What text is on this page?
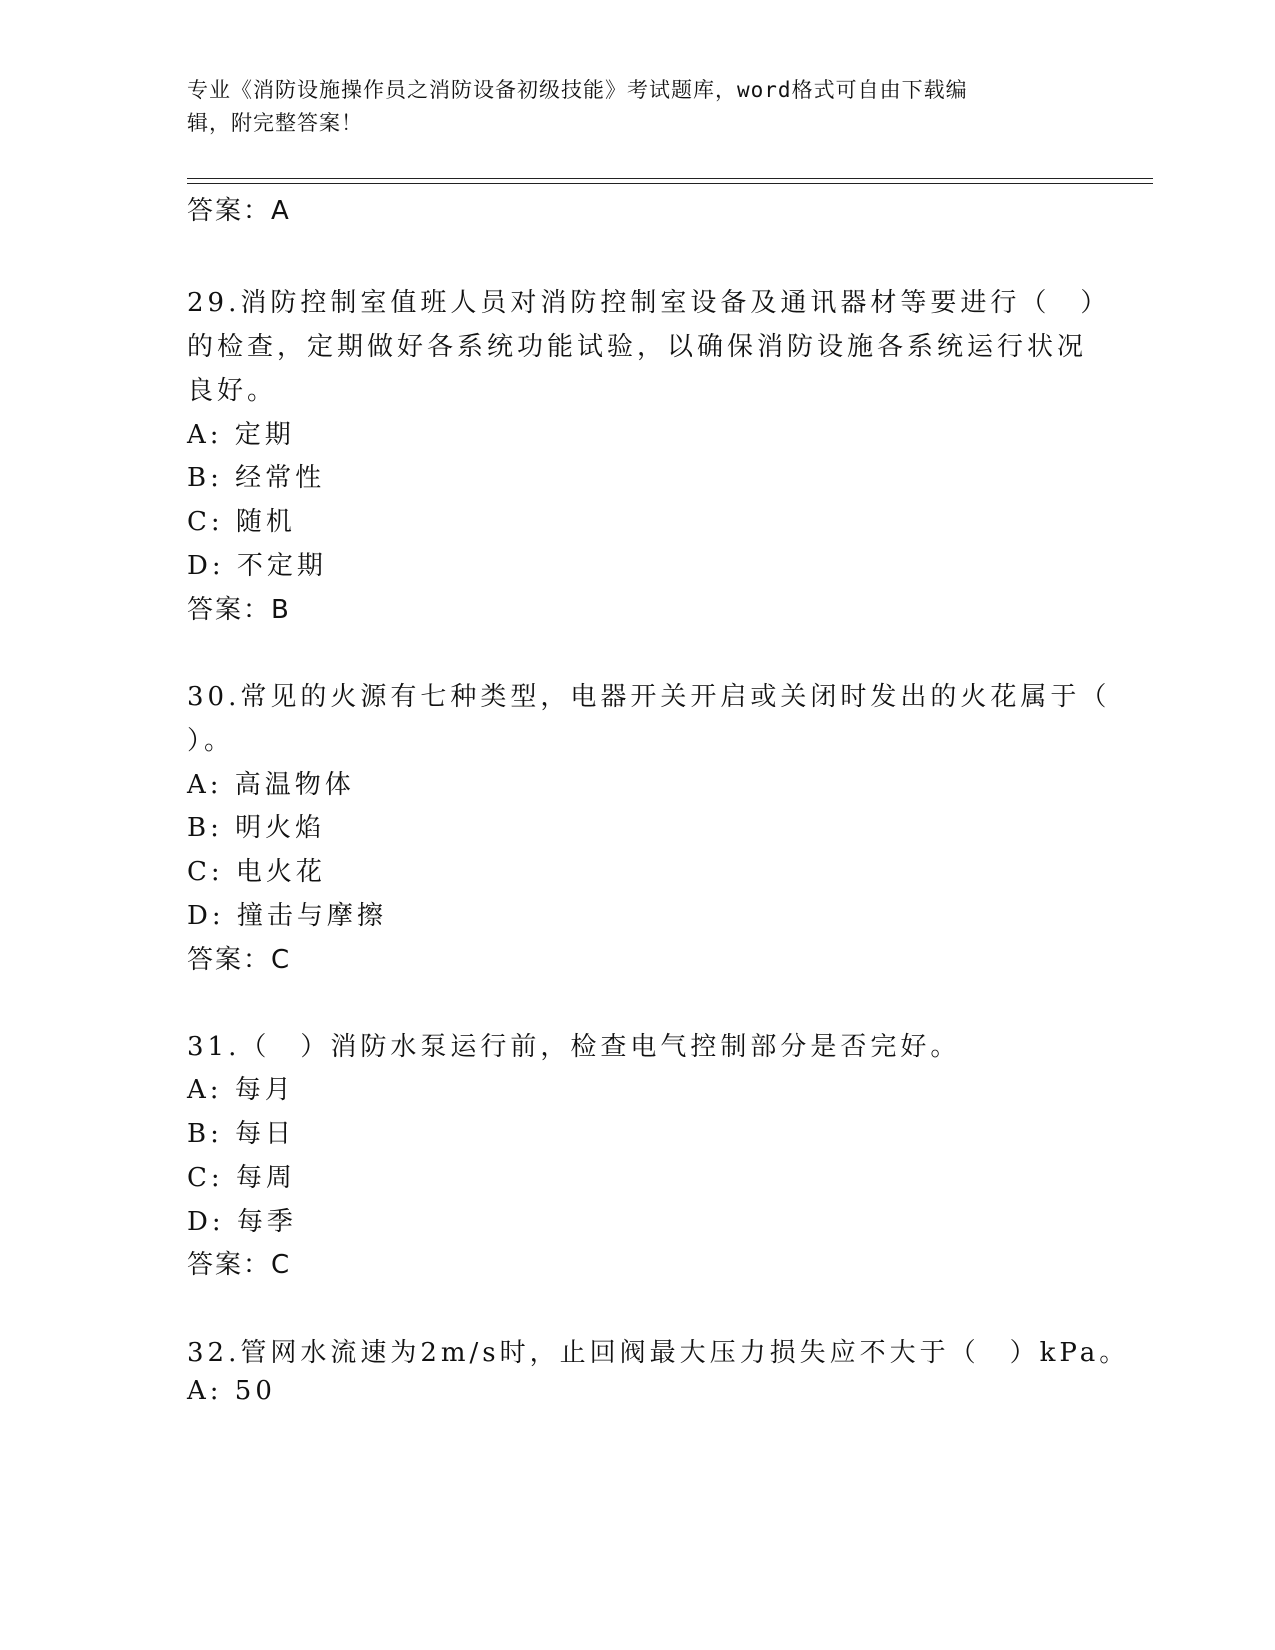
专业《消防设施操作员之消防设备初级技能》考试题库，word格式可自由下载编
辑，附完整答案！
答案：A
29.消防控制室值班人员对消防控制室设备及通讯器材等要进行（　）
的检查，定期做好各系统功能试验，以确保消防设施各系统运行状况
良好。
A: 定期
B: 经常性
C: 随机
D: 不定期
答案：B
30.常见的火源有七种类型，电器开关开启或关闭时发出的火花属于（
）。
A: 高温物体
B: 明火焰
C: 电火花
D: 撞击与摩擦
答案：C
31.（　）消防水泵运行前，检查电气控制部分是否完好。
A: 每月
B: 每日
C: 每周
D: 每季
答案：C
32.管网水流速为2m/s时，止回阀最大压力损失应不大于（　）kPa。
A: 50
